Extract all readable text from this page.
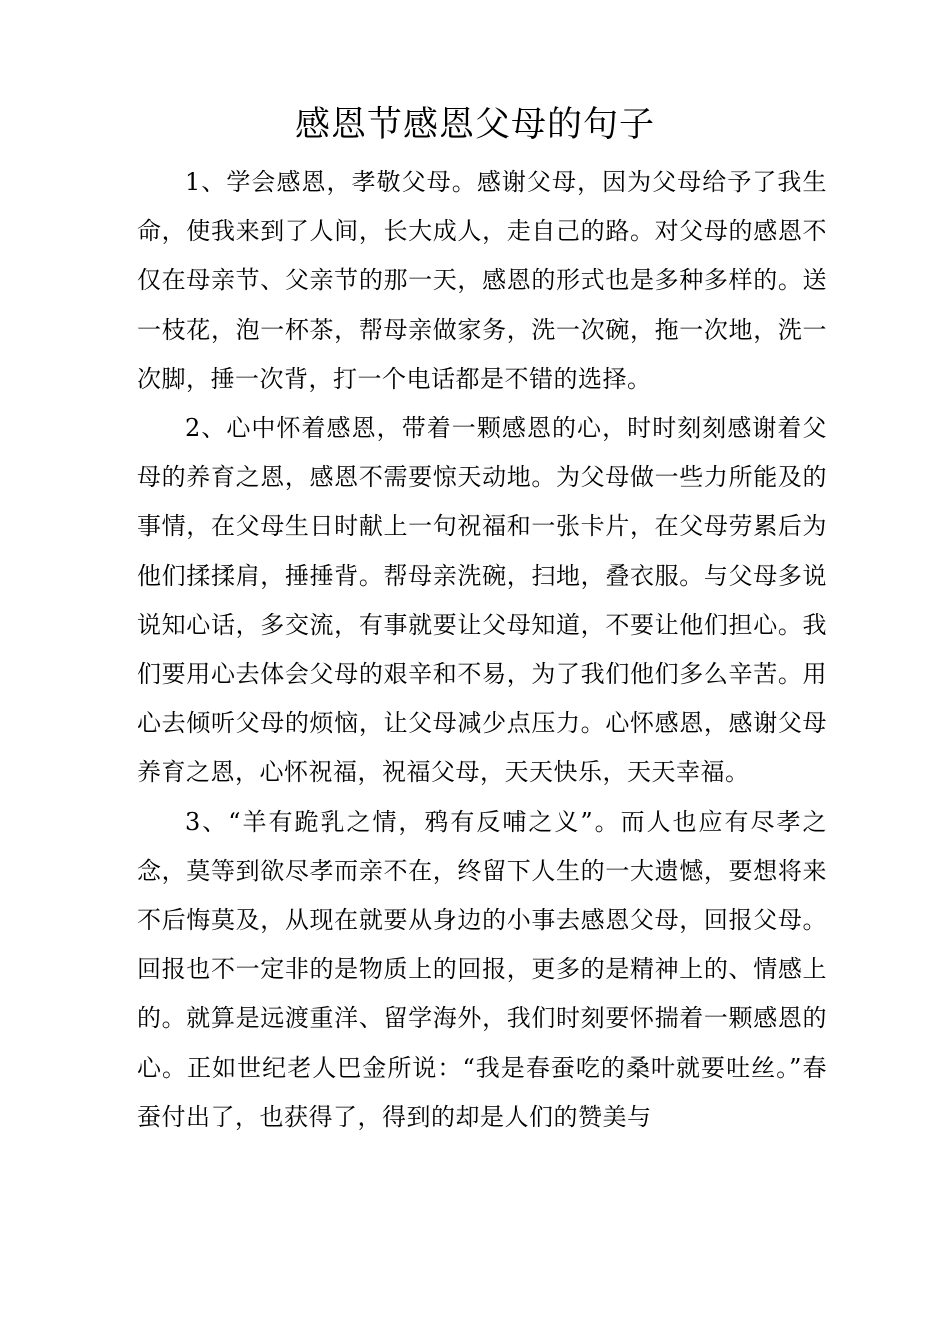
感恩节感恩父母的句子

1、学会感恩，孝敬父母。感谢父母，因为父母给予了我生命，使我来到了人间，长大成人，走自己的路。对父母的感恩不仅在母亲节、父亲节的那一天，感恩的形式也是多种多样的。送一枝花，泡一杯茶，帮母亲做家务，洗一次碗，拖一次地，洗一次脚，捶一次背，打一个电话都是不错的选择。

2、心中怀着感恩，带着一颗感恩的心，时时刻刻感谢着父母的养育之恩，感恩不需要惊天动地。为父母做一些力所能及的事情，在父母生日时献上一句祝福和一张卡片，在父母劳累后为他们揉揉肩，捶捶背。帮母亲洗碗，扫地，叠衣服。与父母多说说知心话，多交流，有事就要让父母知道，不要让他们担心。我们要用心去体会父母的艰辛和不易，为了我们他们多么辛苦。用心去倾听父母的烦恼，让父母减少点压力。心怀感恩，感谢父母养育之恩，心怀祝福，祝福父母，天天快乐，天天幸福。

3、“羊有跪乳之情，鸦有反哺之义”。而人也应有尽孝之念，莫等到欲尽孝而亲不在，终留下人生的一大遗憾，要想将来不后悔莫及，从现在就要从身边的小事去感恩父母，回报父母。回报也不一定非的是物质上的回报，更多的是精神上的、情感上的。就算是远渡重洋、留学海外，我们时刻要怀揣着一颗感恩的心。正如世纪老人巴金所说：“我是春蚕吃的桑叶就要吐丝。”春蚕付出了，也获得了，得到的却是人们的赞美与
